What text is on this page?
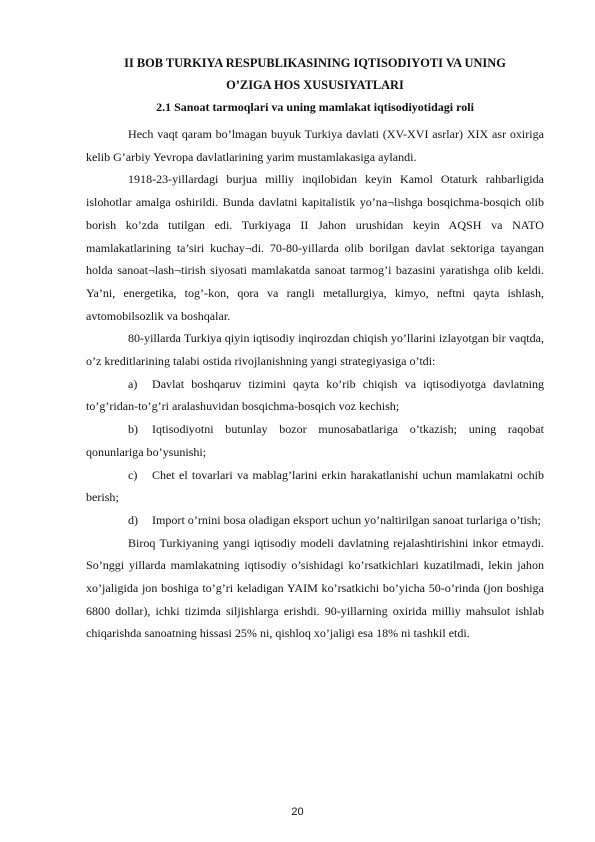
II BOB TURKIYA RESPUBLIKASINING IQTISODIYOTI VA UNING
O’ZIGA HOS XUSUSIYATLARI
2.1 Sanoat tarmoqlari va uning mamlakat iqtisodiyotidagi roli

Hech vaqt qaram bo’lmagan buyuk Turkiya davlati (XV-XVI asrlar) XIX asr oxiriga kelib G’arbiy Yevropa davlatlarining yarim mustamlakasiga aylandi.

1918-23-yillardagi burjua milliy inqilobidan keyin Kamol Otaturk rahbarligida islohotlar amalga oshirildi. Bunda davlatni kapitalistik yo’na¬lishga bosqichma-bosqich olib borish ko’zda tutilgan edi. Turkiyaga II Jahon urushidan keyin AQSH va NATO mamlakatlarining ta’siri kuchay¬di. 70-80-yillarda olib borilgan davlat sektoriga tayangan holda sanoat¬lash¬tirish siyosati mamlakatda sanoat tarmog’i bazasini yaratishga olib keldi. Ya’ni, energetika, tog’-kon, qora va rangli metallurgiya, kimyo, neftni qayta ishlash, avtomobilsozlik va boshqalar.

80-yillarda Turkiya qiyin iqtisodiy inqirozdan chiqish yo’llarini izlayotgan bir vaqtda, o’z kreditlarining talabi ostida rivojlanishning yangi strategiyasiga o’tdi:

a) Davlat boshqaruv tizimini qayta ko’rib chiqish va iqtisodiyotga davlatning to’g’ridan-to’g’ri aralashuvidan bosqichma-bosqich voz kechish;

b) Iqtisodiyotni butunlay bozor munosabatlariga o’tkazish; uning raqobat qonunlariga bo’ysunishi;

c) Chet el tovarlari va mablag’larini erkin harakatlanishi uchun mamlakatni ochib berish;

d) Import o’rnini bosa oladigan eksport uchun yo’naltirilgan sanoat turlariga o’tish;

Biroq Turkiyaning yangi iqtisodiy modeli davlatning rejalashtirishini inkor etmaydi. So’nggi yillarda mamlakatning iqtisodiy o’sishidagi ko’rsatkichlari kuzatilmadi, lekin jahon xo’jaligida jon boshiga to’g’ri keladigan YAIM ko’rsatkichi bo’yicha 50-o’rinda (jon boshiga 6800 dollar), ichki tizimda siljishlarga erishdi. 90-yillarning oxirida milliy mahsulot ishlab chiqarishda sanoatning hissasi 25% ni, qishloq xo’jaligi esa 18% ni tashkil etdi.

20
